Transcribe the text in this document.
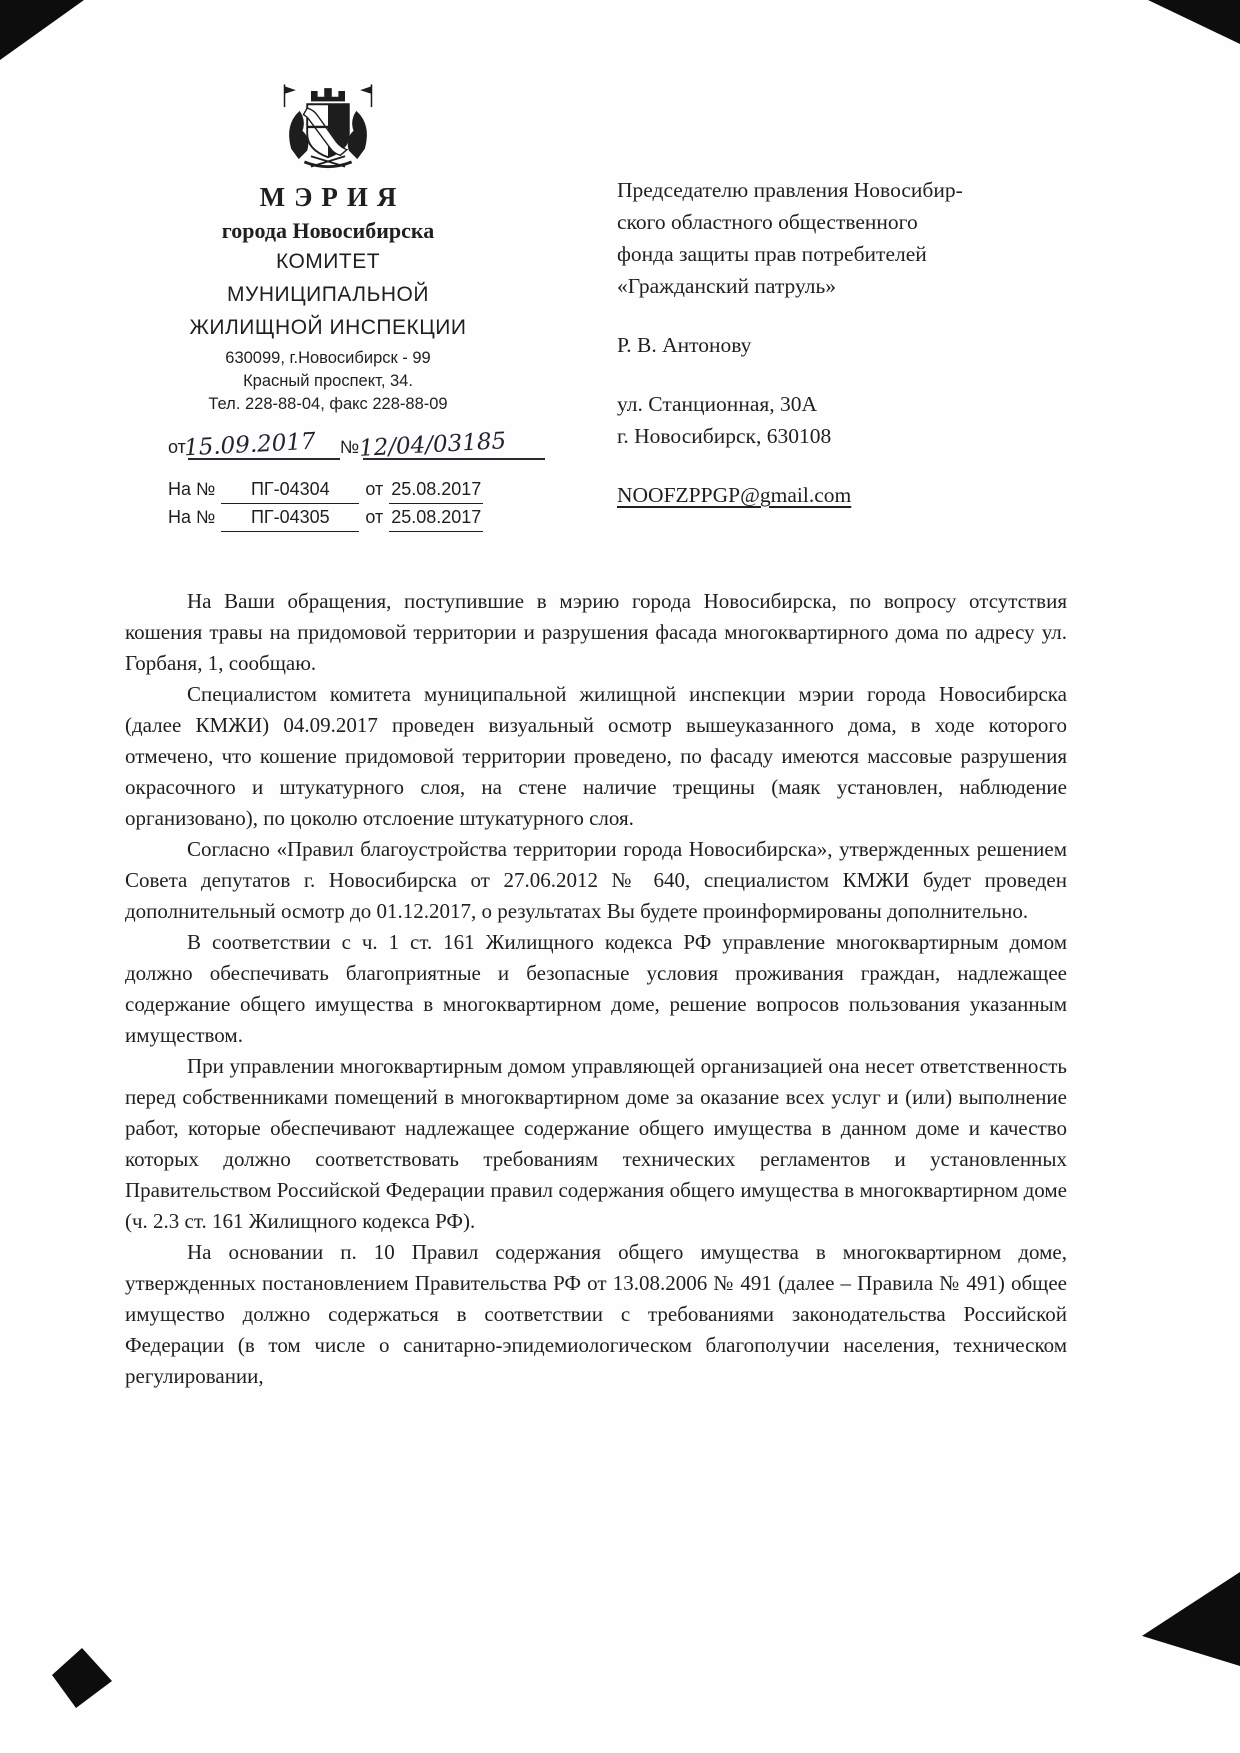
МЭРИЯ
города Новосибирска
КОМИТЕТ
МУНИЦИПАЛЬНОЙ
ЖИЛИЩНОЙ ИНСПЕКЦИИ
630099, г.Новосибирск - 99
Красный проспект, 34.
Тел. 228-88-04, факс 228-88-09
от
15.09.2017 № 12/04/03185
На № ПГ-04304 от 25.08.2017
На № ПГ-04305 от 25.08.2017
Председателю правления Новосибир-
ского областного общественного
фонда защиты прав потребителей
«Гражданский патруль»
Р. В. Антонову
ул. Станционная, 30А
г. Новосибирск, 630108
NOOFZPPGP@gmail.com

На Ваши обращения, поступившие в мэрию города Новосибирска, по вопросу отсутствия кошения травы на придомовой территории и разрушения фасада многоквартирного дома по адресу ул. Горбаня, 1, сообщаю.

Специалистом комитета муниципальной жилищной инспекции мэрии города Новосибирска (далее КМЖИ) 04.09.2017 проведен визуальный осмотр вышеуказанного дома, в ходе которого отмечено, что кошение придомовой территории проведено, по фасаду имеются массовые разрушения окрасочного и штукатурного слоя, на стене наличие трещины (маяк установлен, наблюдение организовано), по цоколю отслоение штукатурного слоя.

Согласно «Правил благоустройства территории города Новосибирска», утвержденных решением Совета депутатов г. Новосибирска от 27.06.2012 № 640, специалистом КМЖИ будет проведен дополнительный осмотр до 01.12.2017, о результатах Вы будете проинформированы дополнительно.

В соответствии с ч. 1 ст. 161 Жилищного кодекса РФ управление многоквартирным домом должно обеспечивать благоприятные и безопасные условия проживания граждан, надлежащее содержание общего имущества в многоквартирном доме, решение вопросов пользования указанным имуществом.

При управлении многоквартирным домом управляющей организацией она несет ответственность перед собственниками помещений в многоквартирном доме за оказание всех услуг и (или) выполнение работ, которые обеспечивают надлежащее содержание общего имущества в данном доме и качество которых должно соответствовать требованиям технических регламентов и установленных Правительством Российской Федерации правил содержания общего имущества в многоквартирном доме (ч. 2.3 ст. 161 Жилищного кодекса РФ).

На основании п. 10 Правил содержания общего имущества в многоквартирном доме, утвержденных постановлением Правительства РФ от 13.08.2006 № 491 (далее – Правила № 491) общее имущество должно содержаться в соответствии с требованиями законодательства Российской Федерации (в том числе о санитарно-эпидемиологическом благополучии населения, техническом регулировании,
